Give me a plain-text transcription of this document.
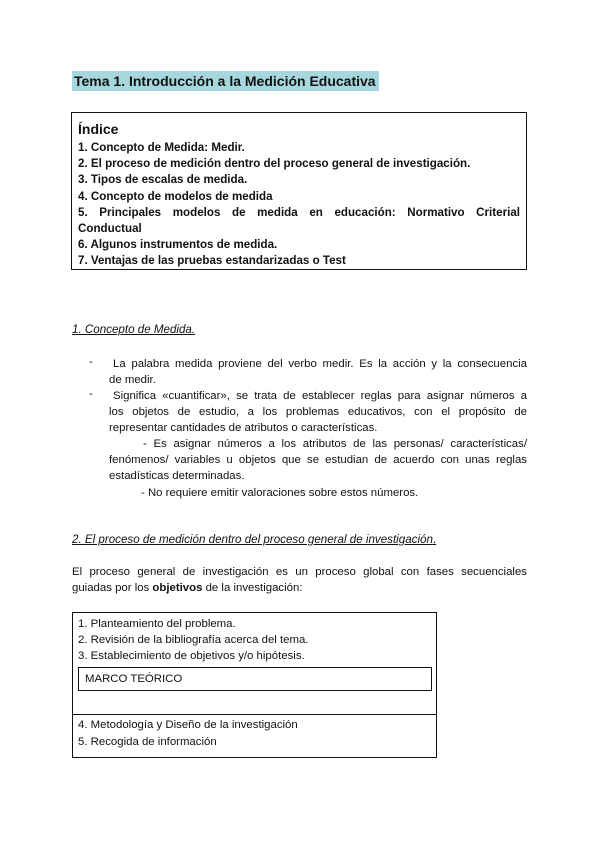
Tema 1. Introducción a la Medición Educativa
Índice
1. Concepto de Medida: Medir.
2. El proceso de medición dentro del proceso general de investigación.
3. Tipos de escalas de medida.
4. Concepto de modelos de medida
5. Principales modelos de medida en educación: Normativo Criterial
Conductual
6. Algunos instrumentos de medida.
7. Ventajas de las pruebas estandarizadas o Test
1. Concepto de Medida.
-	La palabra medida proviene del verbo medir. Es la acción y la consecuencia
de medir.
-	Significa «cuantificar», se trata de establecer reglas para asignar números a
los objetos de estudio, a los problemas educativos, con el propósito de
representar cantidades de atributos o características.
- Es asignar números a los atributos de las personas/ características/
fenómenos/ variables u objetos que se estudian de acuerdo con unas reglas
estadísticas determinadas.
- No requiere emitir valoraciones sobre estos números.
2. El proceso de medición dentro del proceso general de investigación.
El proceso general de investigación es un proceso global con fases secuenciales
guiadas por los objetivos de la investigación:
1. Planteamiento del problema.
2. Revisión de la bibliografía acerca del tema.
3. Establecimiento de objetivos y/o hipótesis.
MARCO TEÓRICO
4. Metodología y Diseño de la investigación
5. Recogida de información
